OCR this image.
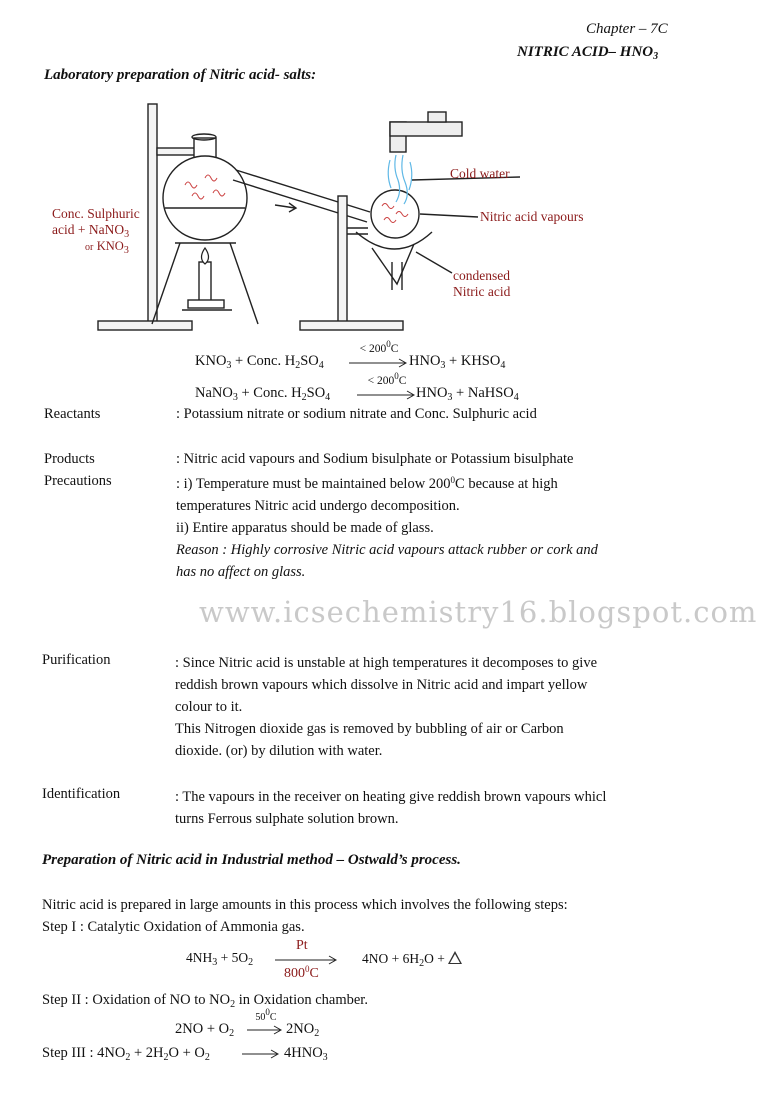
Chapter – 7C
NITRIC ACID– $HNO_3$
Laboratory preparation of Nitric acid- salts:
Conc. Sulphuric
acid + NaNO$_3$
or $KNO_3$
Cold water
Nitric acid vapours
condensed
Nitric acid
$KNO_3$ + Conc. $H_2SO_4$
< $200^0C$
$HNO_3$ + $KHSO_4$
NaNO$_3$ + Conc. $H_2SO_4$
< $200^0C$
$HNO_3$ + NaHSO$_4$
Reactants	: Potassium nitrate or sodium nitrate and Conc. Sulphuric acid
Products	: Nitric acid vapours and Sodium bisulphate or Potassium bisulphate
Precautions	: i) Temperature must be maintained below $200^0C$ because at high
temperatures Nitric acid undergo decomposition.
ii) Entire apparatus should be made of glass.
Reason : Highly corrosive Nitric acid vapours attack rubber or cork and
has no affect on glass.
www.icsechemistry16.blogspot.com
Purification	: Since Nitric acid is unstable at high temperatures it decomposes to give
reddish brown vapours which dissolve in Nitric acid and impart yellow
colour to it.
This Nitrogen dioxide gas is removed by bubbling of air or Carbon
dioxide. (or) by dilution with water.
Identification	: The vapours in the receiver on heating give reddish brown vapours whicl
turns Ferrous sulphate solution brown.
Preparation of Nitric acid in Industrial method – Ostwald’s process.
Nitric acid is prepared in large amounts in this process which involves the following steps:
Step I : Catalytic Oxidation of Ammonia gas.
$4NH_3 + 5O_2$
Pt
$800^0C$
$4NO + 6H_2O$ +
Step II : Oxidation of NO to $NO_2$ in Oxidation chamber.
$2NO + O_2$
$50^0C$
$2NO_2$
Step III : $4NO_2 + 2H_2O + O_2$	$4HNO_3$
